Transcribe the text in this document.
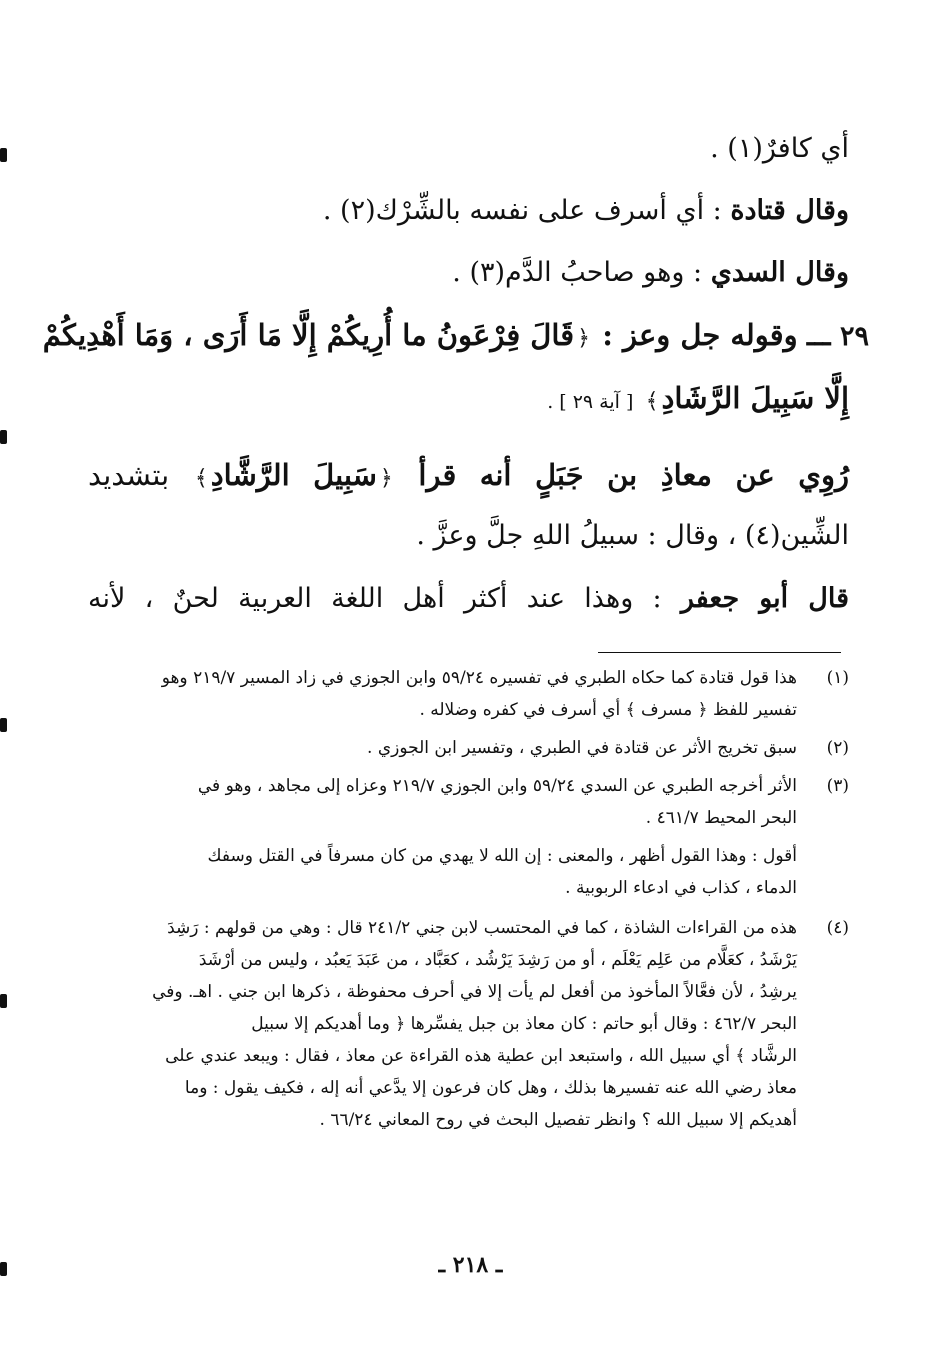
أي كافرٌ(١) .
وقال قتادة : أي أسرف على نفسه بالشِّرْك(٢) .
وقال السدي : وهو صاحبُ الدَّم(٣) .
٢٩ ـــ وقوله جل وعز : ﴿قَالَ فِرْعَونُ ما أُرِيكُمْ إِلَّا مَا أَرَى ، وَمَا أَهْدِيكُمْ
إِلَّا سَبِيلَ الرَّشَادِ﴾ [ آية ٢٩ ] .
رُوِي عن معاذِ بن جَبَلٍ أنه قرأ ﴿سَبِيلَ الرَّشَّادِ﴾ بتشديد
الشِّين(٤) ، وقال : سبيلُ اللهِ جلَّ وعزَّ .
قال أبو جعفر : وهذا عند أكثر أهل اللغة العربية لحنٌ ، لأنه
(١)

هذا قول قتادة كما حكاه الطبري في تفسيره ٥٩/٢٤ وابن الجوزي في زاد المسير ٢١٩/٧ وهو

تفسير للفظ ﴿ مسرف ﴾ أي أسرف في كفره وضلاله .

(٢)

سبق تخريج الأثر عن قتادة في الطبري ، وتفسير ابن الجوزي .

(٣)

الأثر أخرجه الطبري عن السدي ٥٩/٢٤ وابن الجوزي ٢١٩/٧ وعزاه إلى مجاهد ، وهو في

البحر المحيط ٤٦١/٧ .

أقول : وهذا القول أظهر ، والمعنى : إن الله لا يهدي من كان مسرفاً في القتل وسفك

الدماء ، كذاب في ادعاء الربوبية .

(٤)

هذه من القراءات الشاذة ، كما في المحتسب لابن جني ٢٤١/٢ قال : وهي من قولهم : رَشِدَ

يَرْشَدُ ، كعَلَّام من عَلِم يَعْلَم ، أو من رَشِدَ يَرْشُد ، كعَبَّاد ، من عَبَدَ يَعبُد ، وليس من أرْشَدَ

يرشِدُ ، لأن فعَّالاً المأخوذ من أفعل لم يأت إلا في أحرف محفوظة ، ذكرها ابن جني . اهـ. وفي

البحر ٤٦٢/٧ : وقال أبو حاتم : كان معاذ بن جبل يفسِّرها ﴿ وما أهديكم إلا سبيل

الرشَّاد ﴾ أي سبيل الله ، واستبعد ابن عطية هذه القراءة عن معاذ ، فقال : ويبعد عندي على

معاذ رضي الله عنه تفسيرها بذلك ، وهل كان فرعون إلا يدَّعي أنه إله ، فكيف يقول : وما

أهديكم إلا سبيل الله ؟ وانظر تفصيل البحث في روح المعاني ٦٦/٢٤ .

ـ ٢١٨ ـ
